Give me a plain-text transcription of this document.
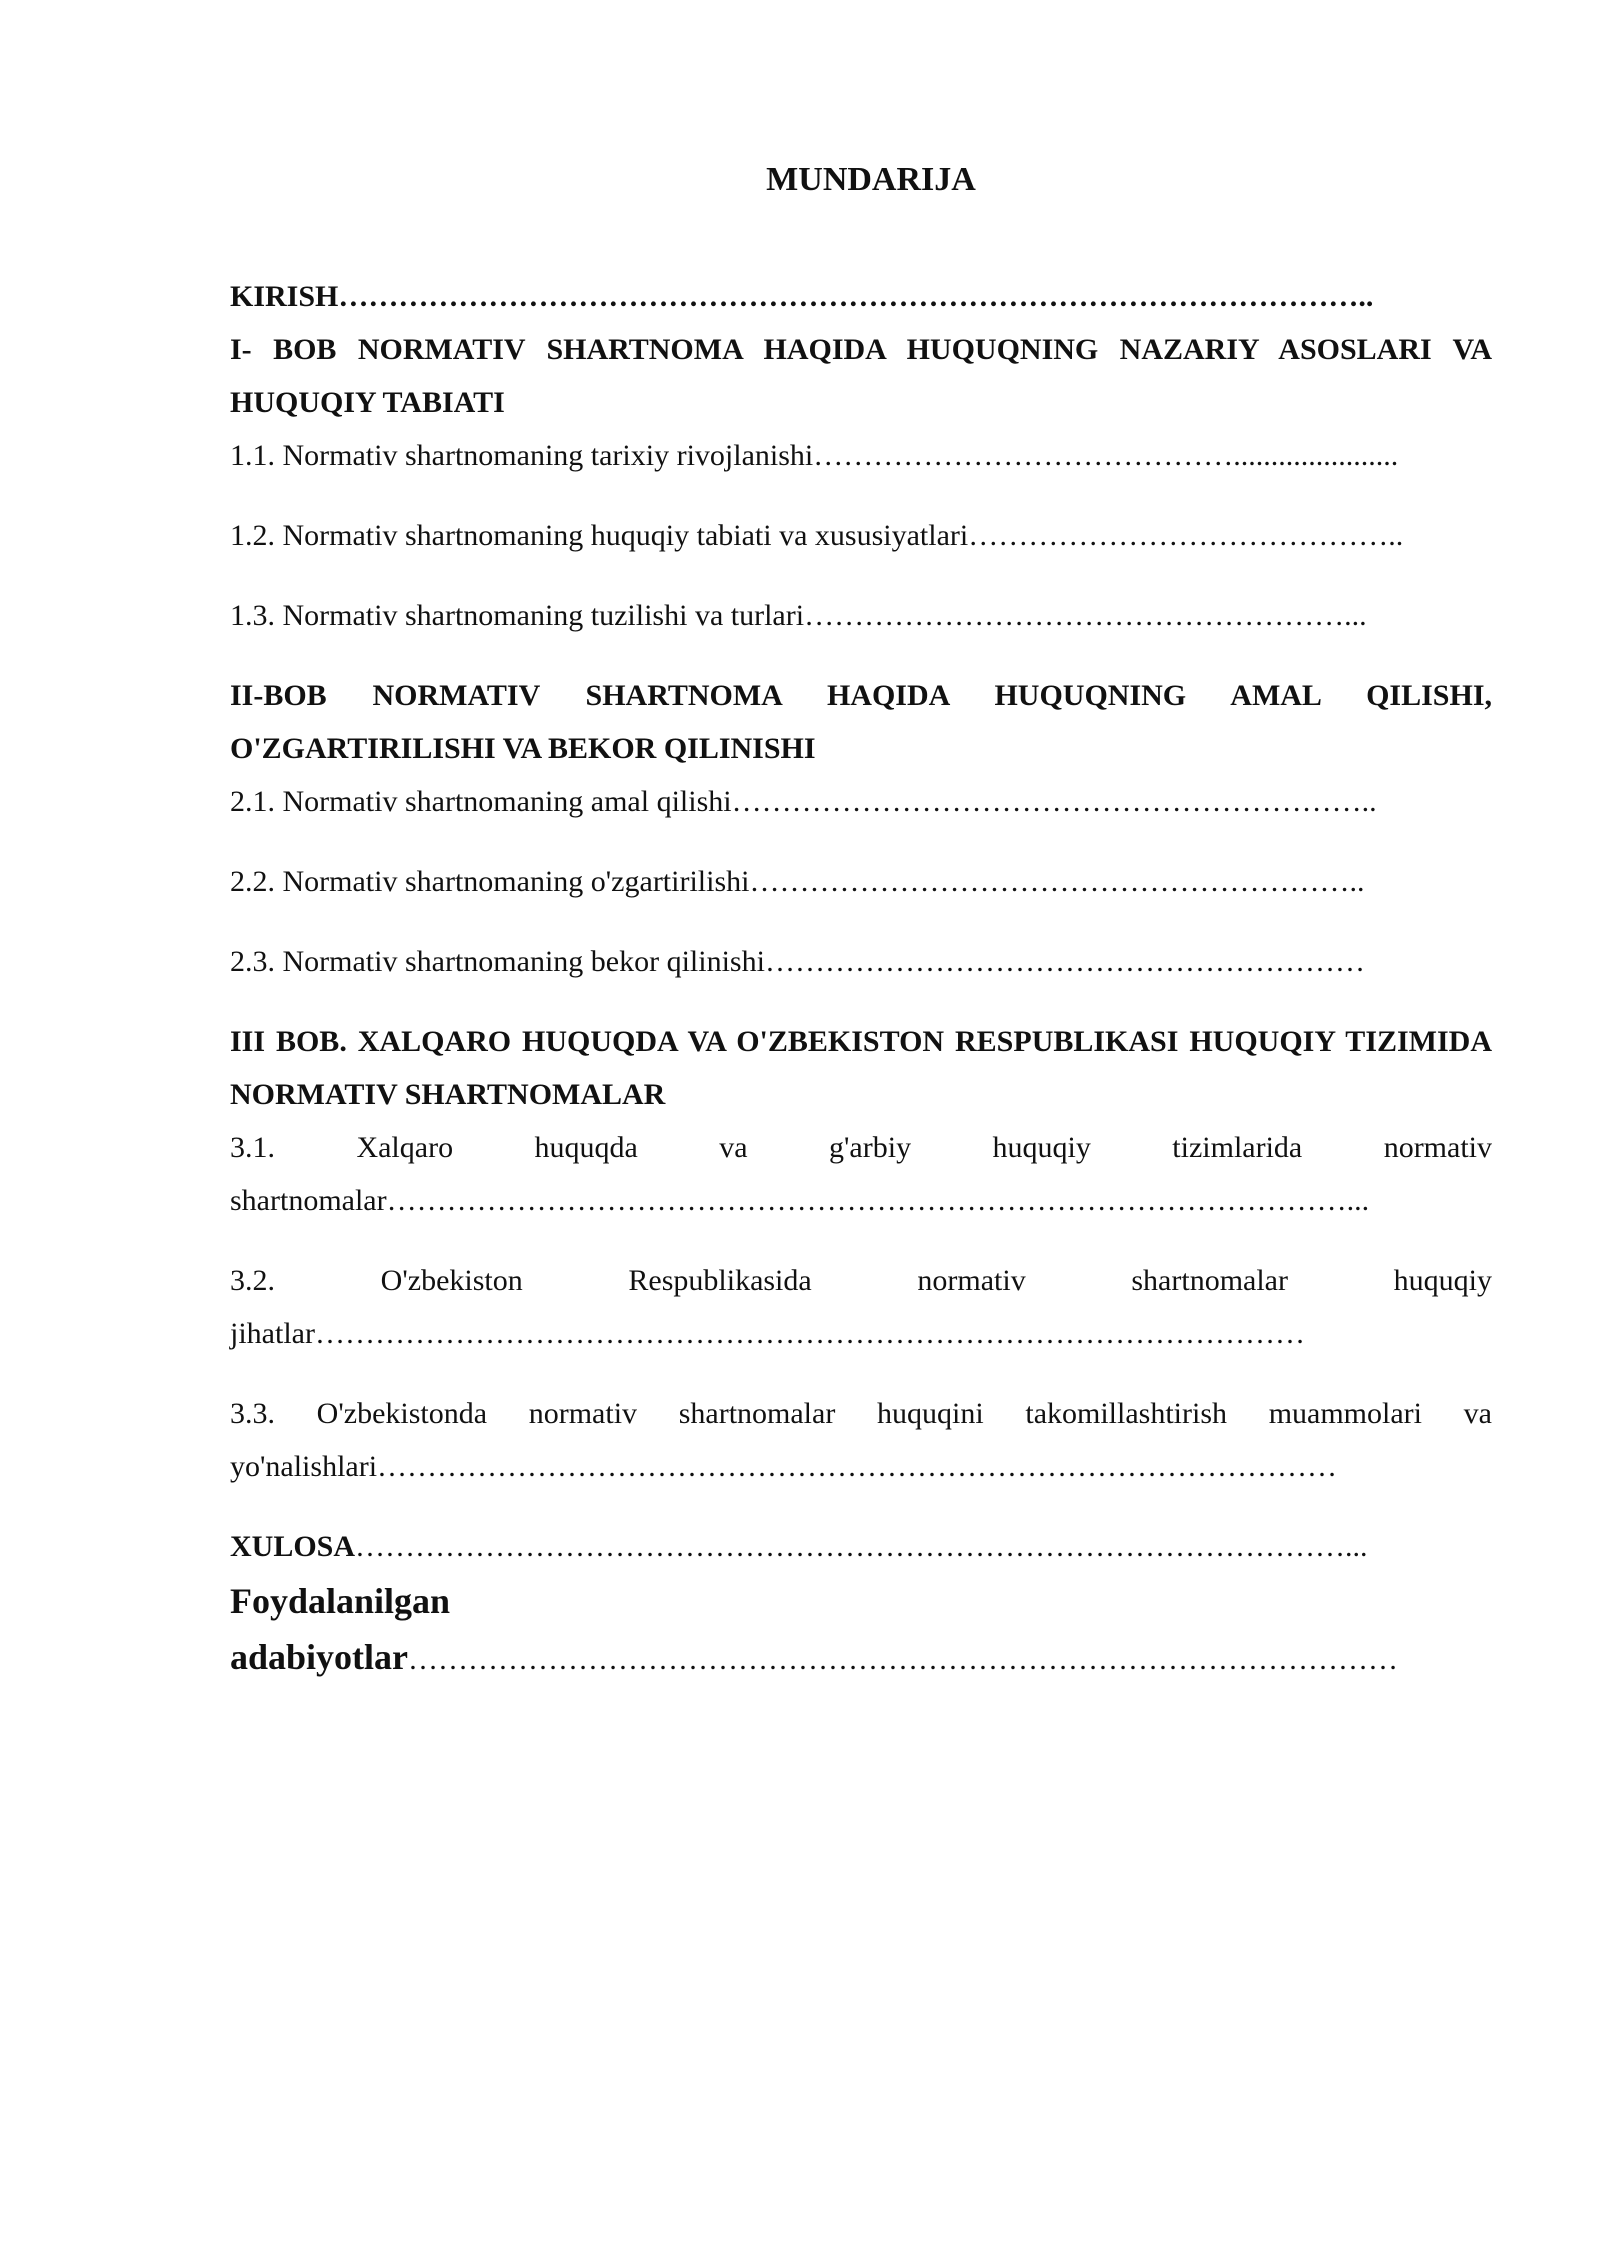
MUNDARIJA
KIRISH…………………………………………………………………………………………..
I- BOB NORMATIV SHARTNOMA HAQIDA HUQUQNING NAZARIY ASOSLARI VA HUQUQIY TABIATI
1.1. Normativ shartnomaning tarixiy rivojlanishi……………………………………......................
1.2. Normativ shartnomaning huquqiy tabiati va xususiyatlari……………………………………..
1.3. Normativ shartnomaning tuzilishi va turlari………………………………………………...
II-BOB NORMATIV SHARTNOMA HAQIDA HUQUQNING AMAL QILISHI, O'ZGARTIRILISHI VA BEKOR QILINISHI
2.1. Normativ shartnomaning amal qilishi………………………………………………………..
2.2. Normativ shartnomaning o'zgartirilishi……………………………………………………..
2.3. Normativ shartnomaning bekor qilinishi……………………………………………………
III BOB. XALQARO HUQUQDA VA O'ZBEKISTON RESPUBLIKASI HUQUQIY TIZIMIDA NORMATIV SHARTNOMALAR
3.1. Xalqaro huquqda va g'arbiy huquqiy tizimlarida normativ shartnomalar……………………………………………………………………………………...
3.2. O'zbekiston Respublikasida normativ shartnomalar huquqiy jihatlar………………………………………………………………………………………
3.3. O'zbekistonda normativ shartnomalar huquqini takomillashtirish muammolari va yo'nalishlari……………………………………………………………………………………
XULOSA………………………………………………………………………………………...
Foydalanilgan
adabiyotlar………………………………………………………………………………………
